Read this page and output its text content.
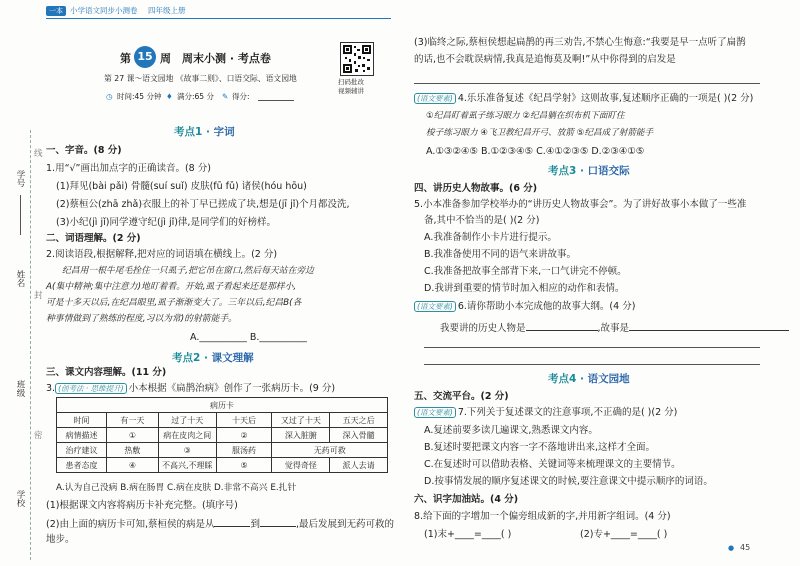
学号
姓名
班级
学校
线
封
密
一本 小学语文同步小测卷 四年级上册
第 15 周 周末小测 · 考点卷
第 27 课～语文园地 《故事二则》、口语交际、语文园地
◷ 时间:45 分钟 ♦ 满分:65 分 ✎ 得分:
扫码批改
视频辅讲
考点1 · 字词
一、字音。(8 分)
1.用“√”画出加点字的正确读音。(8 分)
(1)拜见(bài pǎi) 骨髓(suí suǐ) 皮肤(fū fǔ) 诸侯(hóu hōu)
(2)蔡桓公(zhā zhǎ)衣服上的补丁早已搓成了块,想是(jī jǐ)个月都没洗,
(3)小纪(jì jǐ)同学遵守纪(jì jǐ)律,是同学们的好榜样。
二、词语理解。(2 分)
2.阅读语段,根据解释,把对应的词语填在横线上。(2 分)
纪昌用一根牛尾毛拴住一只虱子,把它吊在窗口,然后每天站在旁边
A(集中精神;集中注意力)地盯着看。开始,虱子看起来还是那样小,
可是十多天以后,在纪昌眼里,虱子渐渐变大了。三年以后,纪昌B(各
种事情做到了熟练的程度,习以为常)的射箭能手。
A.__________ B.__________
考点2 · 课文理解
三、课文内容理解。(11 分)
3. (创考法 · 思维提升) 小本根据《扁鹊治病》创作了一张病历卡。(9 分)
病历卡					
时间	有一天	过了十天	十天后	又过了十天	五天之后
病情描述	①	病在皮肉之间	②	深入脏腑	深入骨髓
治疗建议	热敷	③	服汤药	无药可救	
患者态度	④	不高兴,不理睬	⑤	觉得奇怪	派人去请
A.认为自己没病 B.病在肠胃 C.病在皮肤 D.非常不高兴 E.扎针
(1)根据课文内容将病历卡补充完整。(填序号)
(2)由上面的病历卡可知,蔡桓侯的病是从	到	,最后发展到无药可救的
地步。
(3)临终之际,蔡桓侯想起扁鹊的再三劝告,不禁心生悔意:“我要是早一点听了扁鹊
的话,也不会耽误病情,我真是追悔莫及啊!”从中你得到的启发是
(语文要素) 4.乐乐准备复述《纪昌学射》这则故事,复述顺序正确的一项是( )(2 分)
①纪昌盯着虱子练习眼力 ②纪昌躺在织布机下面盯住
梭子练习眼力 ④飞卫教纪昌开弓、放箭 ⑤纪昌成了射箭能手
A.①③②④⑤ B.①②③④⑤ C.④①②③⑤ D.②③④①⑤
考点3 · 口语交际
四、讲历史人物故事。(6 分)
5.小本准备参加学校举办的“讲历史人物故事会”。为了讲好故事小本做了一些准
备,其中不恰当的是( )(2 分)
A.我准备制作小卡片进行提示。
B.我准备使用不同的语气来讲故事。
C.我准备把故事全部背下来,一口气讲完不停顿。
D.我讲到重要的情节时加入相应的动作和表情。
(语文要素) 6.请你帮助小本完成他的故事大纲。(4 分)
我要讲的历史人物是	,故事是
考点4 · 语文园地
五、交流平台。(2 分)
(语文要素) 7.下列关于复述课文的注意事项,不正确的是( )(2 分)
A.复述前要多读几遍课文,熟悉课文内容。
B.复述时要把课文内容一字不落地讲出来,这样才全面。
C.在复述时可以借助表格、关键词等来梳理课文的主要情节。
D.按事情发展的顺序复述课文的时候,要注意课文中提示顺序的词语。
六、识字加油站。(4 分)
8.给下面的字增加一个偏旁组成新的字,并用新字组词。(4 分)
(1)末+____=____( )	(2)专+____=____( )
● 45
